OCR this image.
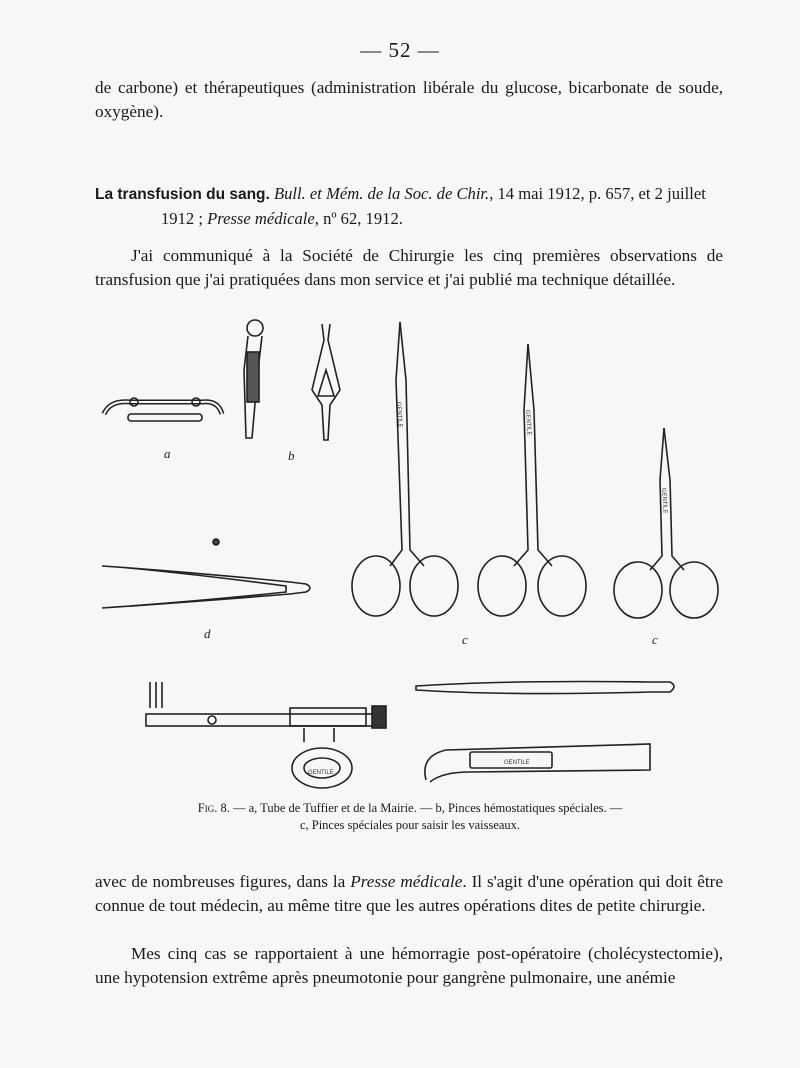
— 52 —
de carbone) et thérapeutiques (administration libérale du glucose, bicarbonate de soude, oxygène).
La transfusion du sang. Bull. et Mém. de la Soc. de Chir., 14 mai 1912, p. 657, et 2 juillet
1912 ; Presse médicale, nº 62, 1912.
J'ai communiqué à la Société de Chirurgie les cinq premières observations de transfusion que j'ai pratiquées dans mon service et j'ai publié ma technique détaillée.
GENTILE	GENTILE
GENTILE
GENTILE
GENTILE
a	b
d	c	c
Fig. 8. — a, Tube de Tuffier et de la Mairie. — b, Pinces hémostatiques spéciales. —
c, Pinces spéciales pour saisir les vaisseaux.
avec de nombreuses figures, dans la Presse médicale. Il s'agit d'une opération qui doit être connue de tout médecin, au même titre que les autres opérations dites de petite chirurgie.
Mes cinq cas se rapportaient à une hémorragie post-opératoire (cholécystectomie), une hypotension extrême après pneumotonie pour gangrène pulmonaire, une anémie
